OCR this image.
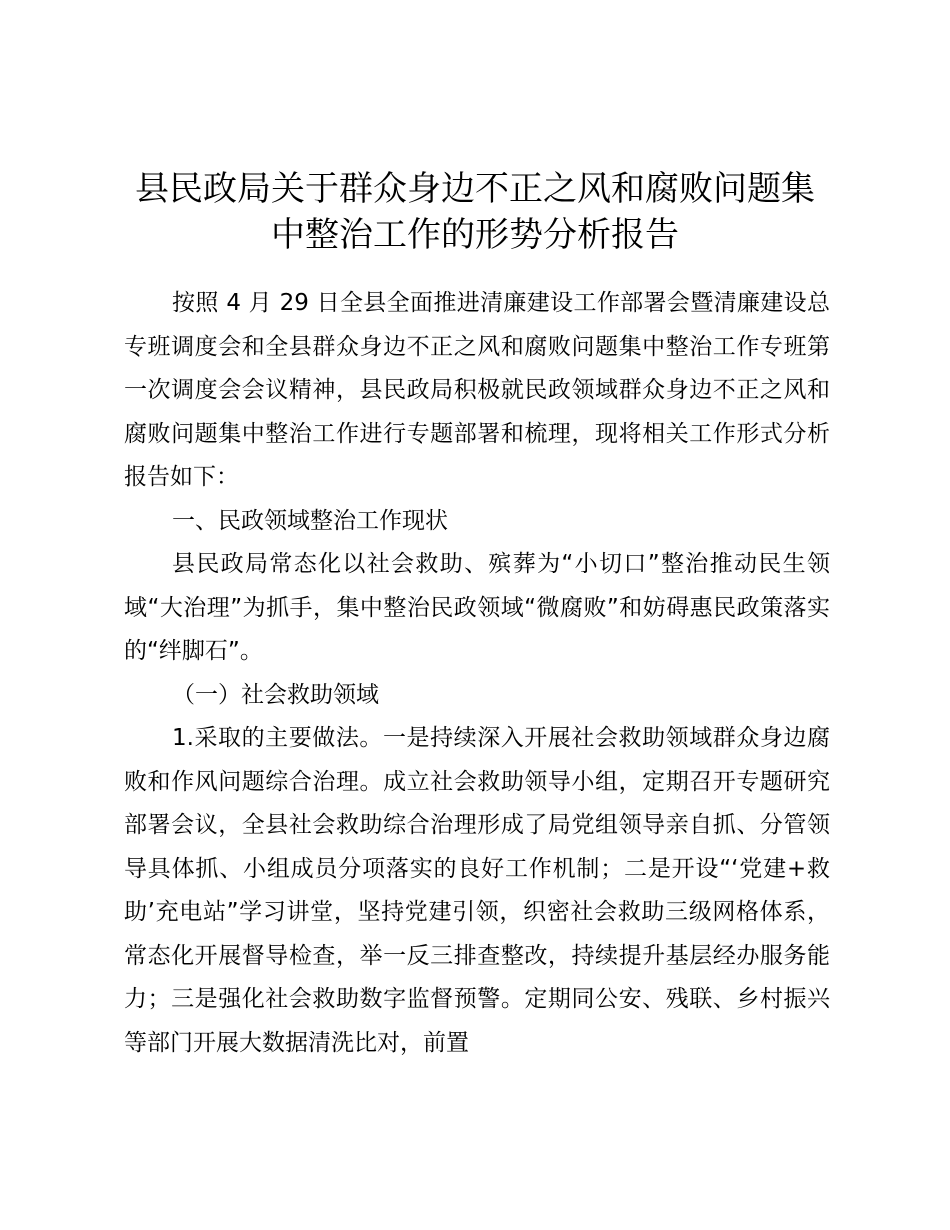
县民政局关于群众身边不正之风和腐败问题集
中整治工作的形势分析报告

按照 4 月 29 日全县全面推进清廉建设工作部署会暨清廉建设总专班调度会和全县群众身边不正之风和腐败问题集中整治工作专班第一次调度会会议精神，县民政局积极就民政领域群众身边不正之风和腐败问题集中整治工作进行专题部署和梳理，现将相关工作形式分析报告如下：

一、民政领域整治工作现状

县民政局常态化以社会救助、殡葬为“小切口”整治推动民生领域“大治理”为抓手，集中整治民政领域“微腐败”和妨碍惠民政策落实的“绊脚石”。

（一）社会救助领域

1.采取的主要做法。一是持续深入开展社会救助领域群众身边腐败和作风问题综合治理。成立社会救助领导小组，定期召开专题研究部署会议，全县社会救助综合治理形成了局党组领导亲自抓、分管领导具体抓、小组成员分项落实的良好工作机制；二是开设“‘党建+救助’充电站”学习讲堂，坚持党建引领，织密社会救助三级网格体系，常态化开展督导检查，举一反三排查整改，持续提升基层经办服务能力；三是强化社会救助数字监督预警。定期同公安、残联、乡村振兴等部门开展大数据清洗比对，前置
